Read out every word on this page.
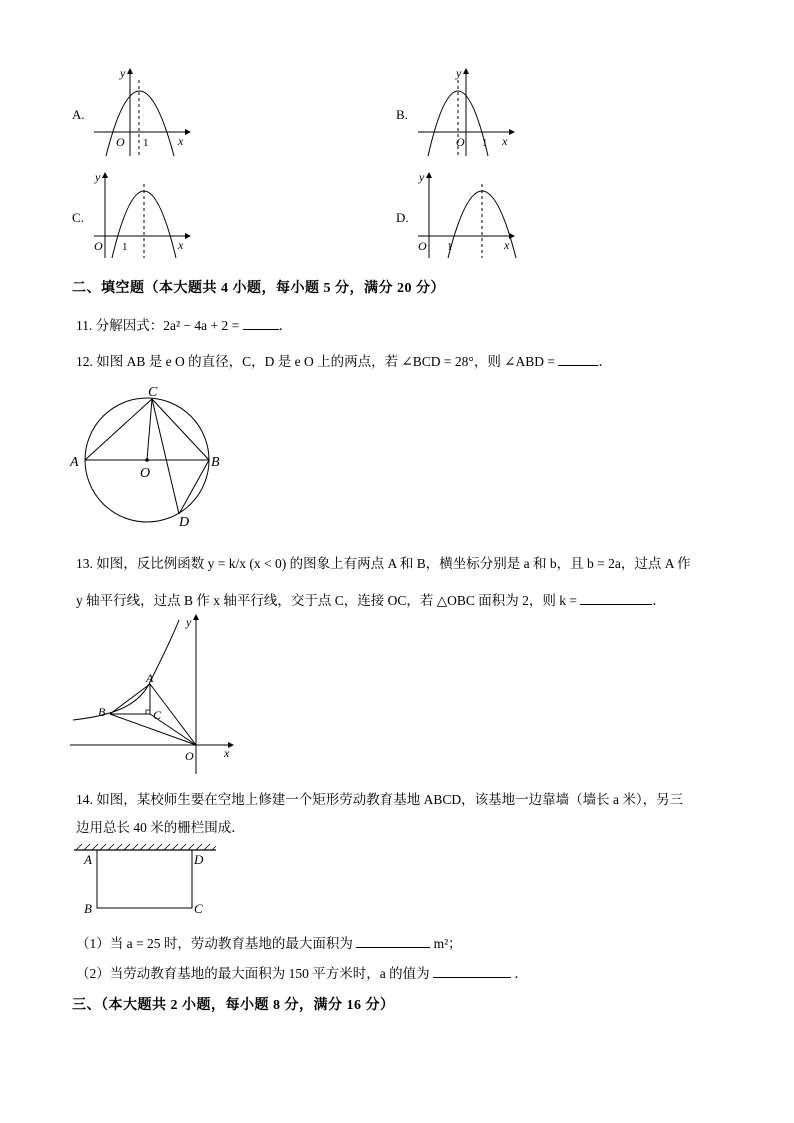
A.
y
x
O 1
B.
y
x
O 1
C.
y
x
O 1
D.
y
x
O 1
二、填空题（本大题共 4 小题，每小题 5 分，满分 20 分）
11. 分解因式：2a² − 4a + 2 =	．
12. 如图 AB 是 e O 的直径，C，D 是 e O 上的两点，若 ∠BCD = 28°，则 ∠ABD =	．
A	B
C
D
O
13. 如图，反比例函数 y = k/x (x < 0) 的图象上有两点 A 和 B，横坐标分别是 a 和 b，且 b = 2a，过点 A 作
y 轴平行线，过点 B 作 x 轴平行线，交于点 C，连接 OC，若 △OBC 面积为 2，则 k =	．
A
B	C
O	x
y
14. 如图，某校师生要在空地上修建一个矩形劳动教育基地 ABCD，该基地一边靠墙（墙长 a 米），另三
边用总长 40 米的栅栏围成．
A	D
B	C
（1）当 a = 25 时，劳动教育基地的最大面积为	m²；
（2）当劳动教育基地的最大面积为 150 平方米时，a 的值为	．
三、（本大题共 2 小题，每小题 8 分，满分 16 分）
